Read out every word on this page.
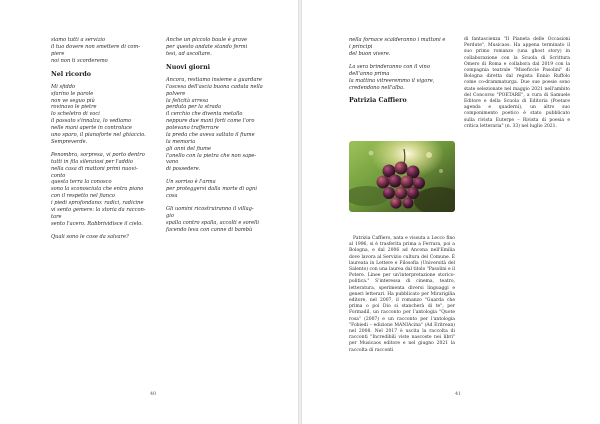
siamo tutti a servizio

il tuo dovere non smettere di com-

piere

noi non ti scorderemo

Nel ricordo

Mi sfiddo

sfarino le parole

non ve seguo più

rovinavo le pietre

lo scheletro di voci

il passato s'innalza, lo vediamo

nelle mani aperte in controluce

uno sparo, il pianoforte nel ghiaccio.

Sempreverde.

Penombra, sorpresa, vi porto dentro

tutti in fila silenziosi per l'addio

nella casa di mattoni primi nuovi-

conto

questa terra la conosco

sono la sconosciuta che entra piano

con il respetto nel fianco

i piedi sprofondano: radici, radicine

vi sento gemere: la storia da raccon-

tare

sento l'acero. Rabbrividisce il cielo.

Quali sono le cose da salvare?

Anche un piccolo baule è grave

per questo andate stando fermi

tesi, ad ascoltare.

Nuovi giorni

Ancora, restiamo insieme a guardare

l'ascesa dell'ascia buona caduta nella

polvere

la felicità arresa

perduta per la strada

il cerchio che diventa metallo

neppure due mani forti come l'oro

potevano trafferrare

la preda che aveva saltato il fiume

la memoria

gli anni del fiume

l'anello con la pietra che non sape-

vano

di possedere.

Un sorriso è l'arma

per proteggersi dalla morte di ogni

cosa

Gli uomini ricostruiranno il villag-

gio

spalla contro spalla, accolti e sorelli

facendo leva con canne di bambù

40

nella fornace scalderanno i mattoni e

i principi

del buon vivere.

La sera brinderanno con il vino

dell'anno prima

la mattina vitreeremmo il vigore,

credendono nell'alba.

Patrizia Caffiero

Patrizia Caffiero, nata e vissuta a Lecco fino al 1996, si è trasferita prima a Ferrara, poi a Bologna, e dal 2006 ad Ancona nell'Emilia dove lavora al Servizio cultura del Comune. È laureata in Lettere e Filosofia (Università del Salento) con una laurea dal titolo "Pasolini e il Potere. Linee per un'interpretazione storico-politica." S'interessa di cinema, teatro, letteratura, sperimenta diversi linguaggi e generi letterari. Ha pubblicato per Mirarigilia editore, nel 2007, il romanzo "Guarda che prima o poi Dio si stancherà di te", per Formadil, un racconto per l'antologia "Quote rosa" (2007) e un racconto per l'antologia "Fobiedi – edizione MANIAcina" (Ad Eritrean) nel 2008. Nel 2017 è uscita la raccolta di racconti "Incredibili viste nascoste nei libri" per Musicaos editore e nel giugno 2021 la raccolta di racconti

di fantascienza "Il Pianeta delle Occasioni Perdute", Musicaos. Ha appena terminato il suo primo romanzo (una ghost story) in collaborazione con la Scuola di Scrittura Omero di Roma e collabora dal 2019 con la compagnia teatrale "Miseficcie Pasolini" di Bologna diretta dal regista Ennio Ruffolo come co-drammaturga. Due sue poesie sono state selezionate nel maggio 2021 nell'ambito del Concorso "POETARE", a cura di Samuele Editore e della Scuola di Editoria (Poetare agenda e quaderni), un altro suo componimento poetico è stato pubblicato sulla rivista Euterpe – Rivista di poesia e critica letteraria" (n. 33) nel luglio 2021.

41
